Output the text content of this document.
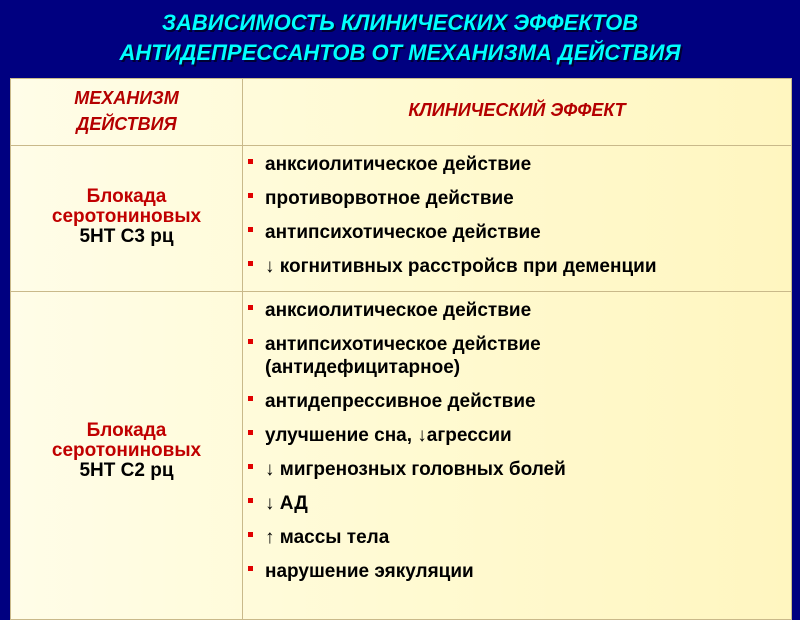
ЗАВИСИМОСТЬ КЛИНИЧЕСКИХ ЭФФЕКТОВ
АНТИДЕПРЕССАНТОВ ОТ МЕХАНИЗМА ДЕЙСТВИЯ
МЕХАНИЗМ
ДЕЙСТВИЯ
КЛИНИЧЕСКИЙ ЭФФЕКТ
Блокада
серотониновых
5НТ С3 рц
анксиолитическое действие
противорвотное действие
антипсихотическое действие
↓ когнитивных расстройсв при деменции
Блокада
серотониновых
5НТ С2 рц
анксиолитическое действие
антипсихотическое действие
(антидефицитарное)
антидепрессивное действие
улучшение сна, ↓агрессии
↓ мигренозных головных болей
↓ АД
↑ массы тела
нарушение эякуляции
